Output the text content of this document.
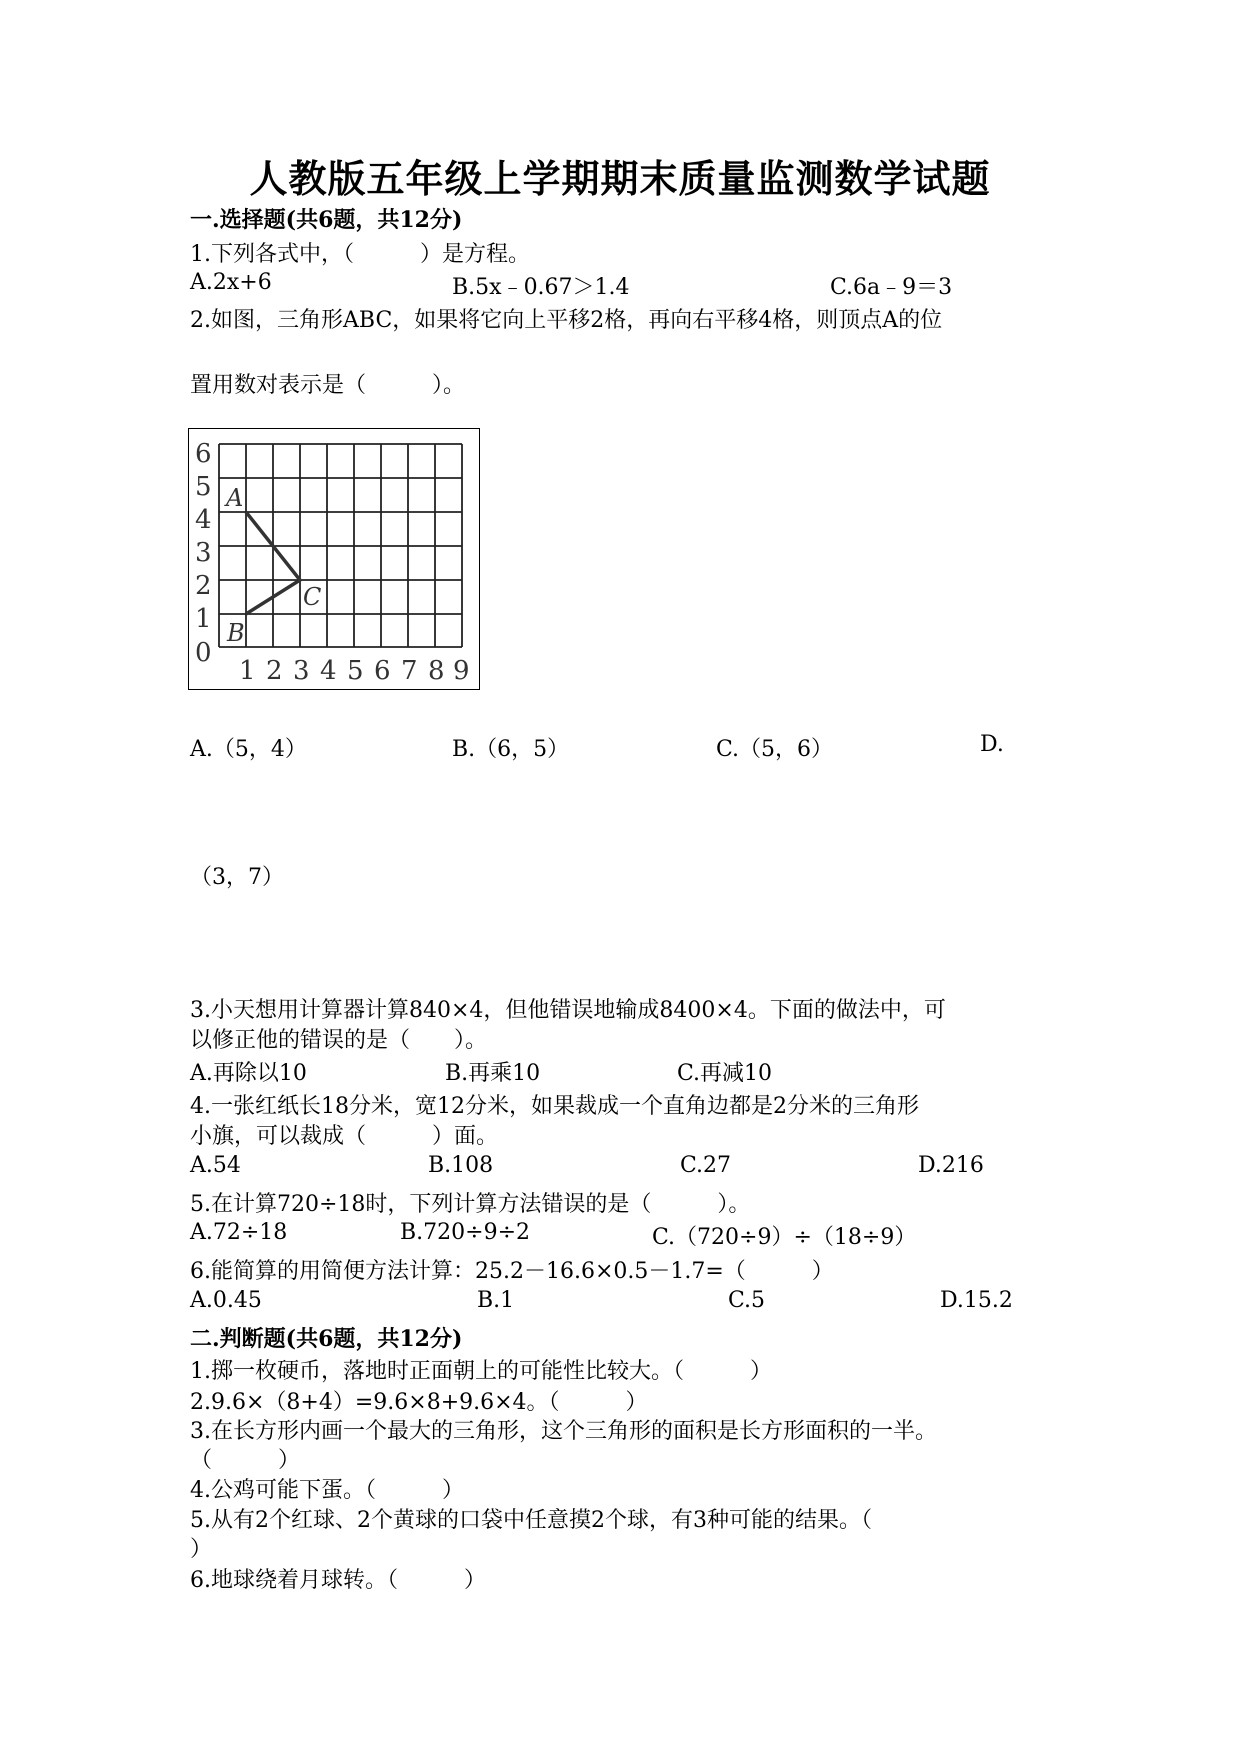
人教版五年级上学期期末质量监测数学试题
一.选择题(共6题，共12分)
1.下列各式中，（　　　）是方程。
A.2x+6	B.5x﹣0.67＞1.4	C.6a﹣9＝3
2.如图，三角形ABC，如果将它向上平移2格，再向右平移4格，则顶点A的位
置用数对表示是（　　　）。
6
5
4
3
2
1
0
1 2 3 4 5 6 7 8 9
A
B
C
A.（5，4）	B.（6，5）	C.（5，6）	D.
（3，7）
3.小天想用计算器计算840×4，但他错误地输成8400×4。下面的做法中，可
以修正他的错误的是（　　）。
A.再除以10	B.再乘10	C.再减10
4.一张红纸长18分米，宽12分米，如果裁成一个直角边都是2分米的三角形
小旗，可以裁成（　　　）面。
A.54	B.108	C.27	D.216
5.在计算720÷18时，下列计算方法错误的是（　　　）。
A.72÷18	B.720÷9÷2	C.（720÷9）÷（18÷9）
6.能简算的用简便方法计算：25.2－16.6×0.5－1.7=（　　　）
A.0.45	B.1	C.5	D.15.2
二.判断题(共6题，共12分)
1.掷一枚硬币，落地时正面朝上的可能性比较大。（　　　）
2.9.6×（8+4）=9.6×8+9.6×4。（　　　）
3.在长方形内画一个最大的三角形，这个三角形的面积是长方形面积的一半。
（　　　）
4.公鸡可能下蛋。（　　　）
5.从有2个红球、2个黄球的口袋中任意摸2个球，有3种可能的结果。（
）
6.地球绕着月球转。（　　　）
